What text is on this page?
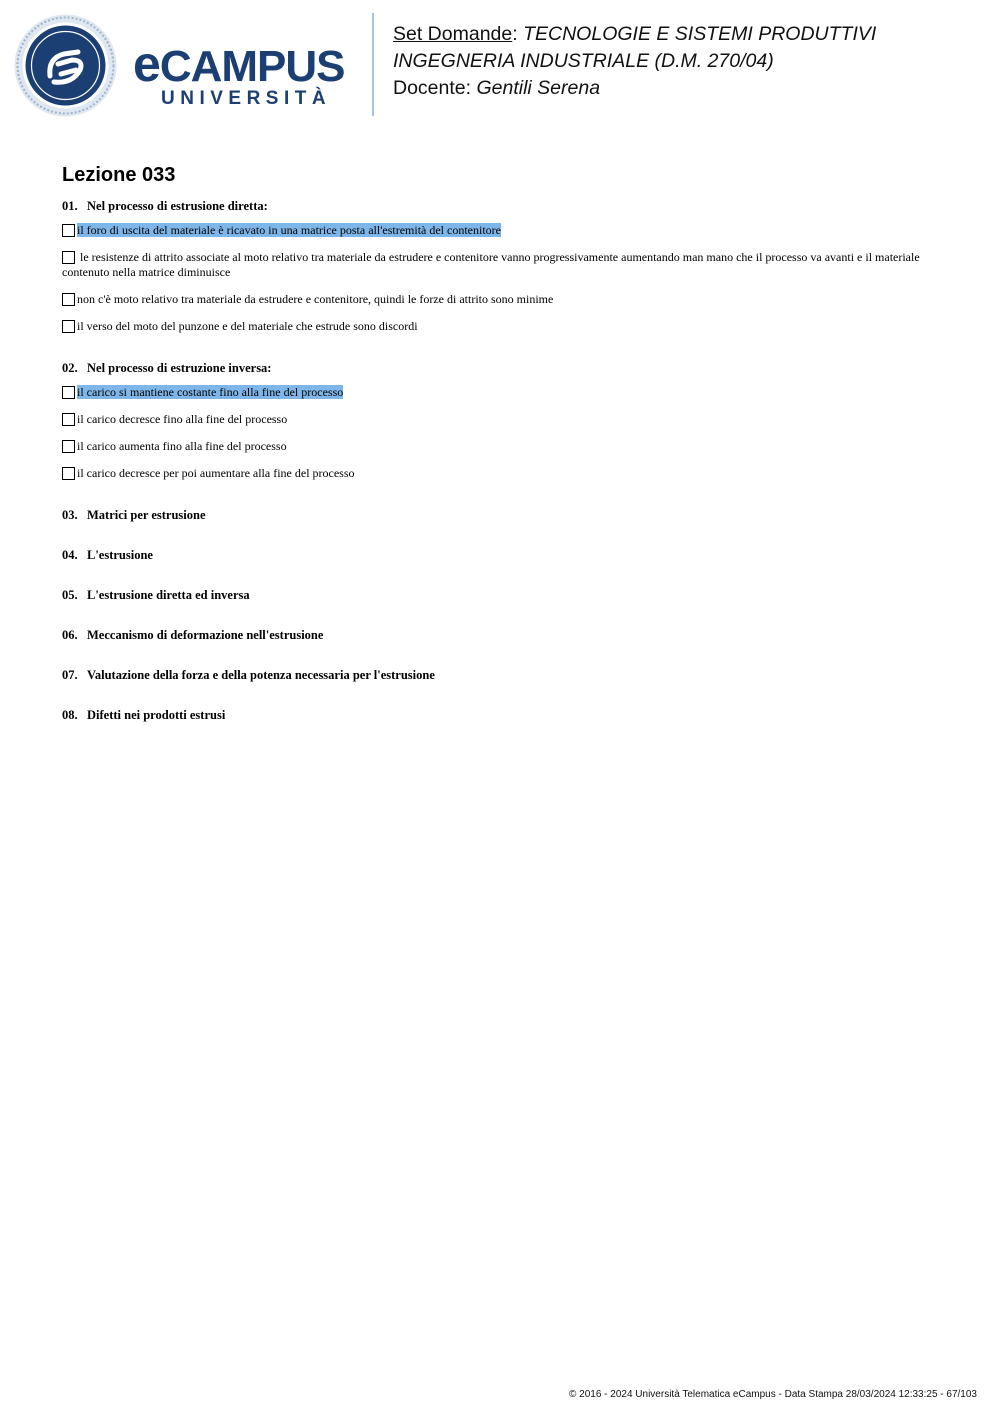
eCAMPUS
UNIVERSITÀ
Set Domande: TECNOLOGIE E SISTEMI PRODUTTIVI
INGEGNERIA INDUSTRIALE (D.M. 270/04)
Docente: Gentili Serena
Lezione 033
01. Nel processo di estrusione diretta:
il foro di uscita del materiale è ricavato in una matrice posta all'estremità del contenitore
le resistenze di attrito associate al moto relativo tra materiale da estrudere e contenitore vanno progressivamente aumentando man mano che il processo va avanti e il materiale contenuto nella matrice diminuisce
non c'è moto relativo tra materiale da estrudere e contenitore, quindi le forze di attrito sono minime
il verso del moto del punzone e del materiale che estrude sono discordi
02. Nel processo di estruzione inversa:
il carico si mantiene costante fino alla fine del processo
il carico decresce fino alla fine del processo
il carico aumenta fino alla fine del processo
il carico decresce per poi aumentare alla fine del processo
03. Matrici per estrusione
04. L'estrusione
05. L'estrusione diretta ed inversa
06. Meccanismo di deformazione nell'estrusione
07. Valutazione della forza e della potenza necessaria per l'estrusione
08. Difetti nei prodotti estrusi
© 2016 - 2024 Università Telematica eCampus - Data Stampa 28/03/2024 12:33:25 - 67/103
